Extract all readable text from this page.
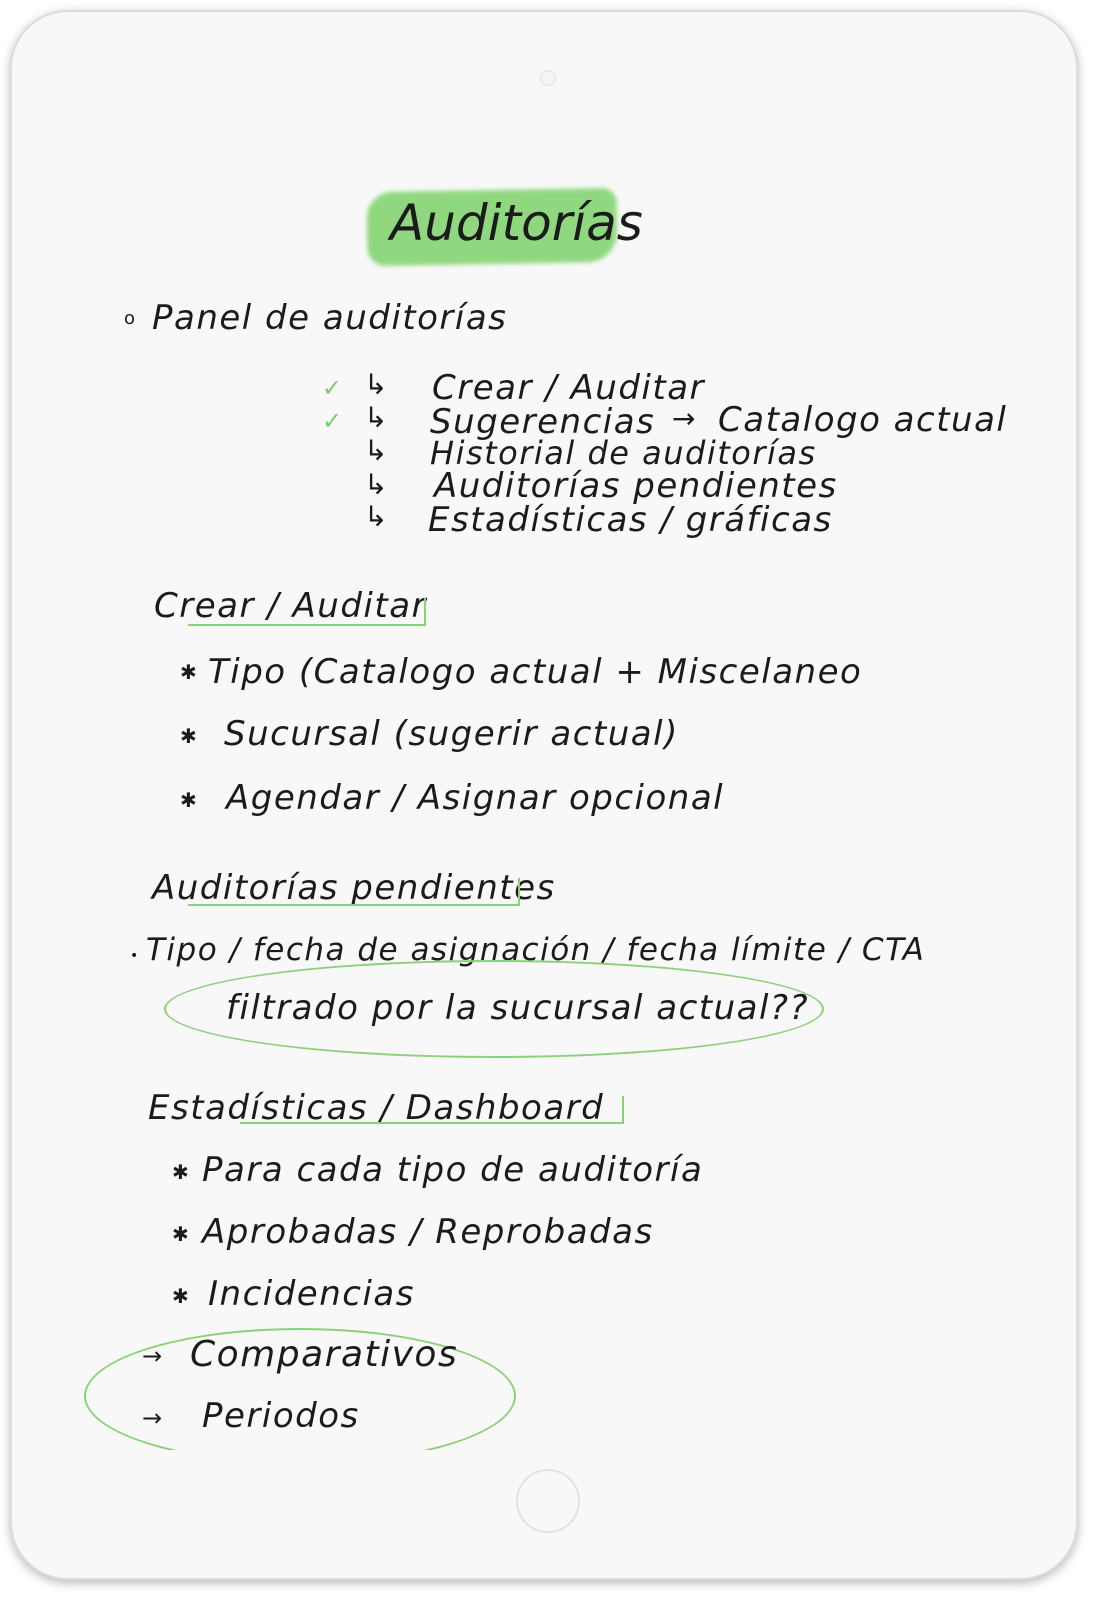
Auditorías
o Panel de auditorías
✓ ↳ Crear / Auditar
✓ ↳ Sugerencias → Catalogo actual
↳ Historial de auditorías
↳ Auditorías pendientes
↳ Estadísticas / gráficas
Crear / Auditar
✱ Tipo (Catalogo actual + Miscelaneo
✱ Sucursal (sugerir actual)
✱ Agendar / Asignar opcional
Auditorías pendientes
• Tipo / fecha de asignación / fecha límite / CTA
filtrado por la sucursal actual??
Estadísticas / Dashboard
✱ Para cada tipo de auditoría
✱ Aprobadas / Reprobadas
✱ Incidencias
→ Comparativos
→ Periodos
